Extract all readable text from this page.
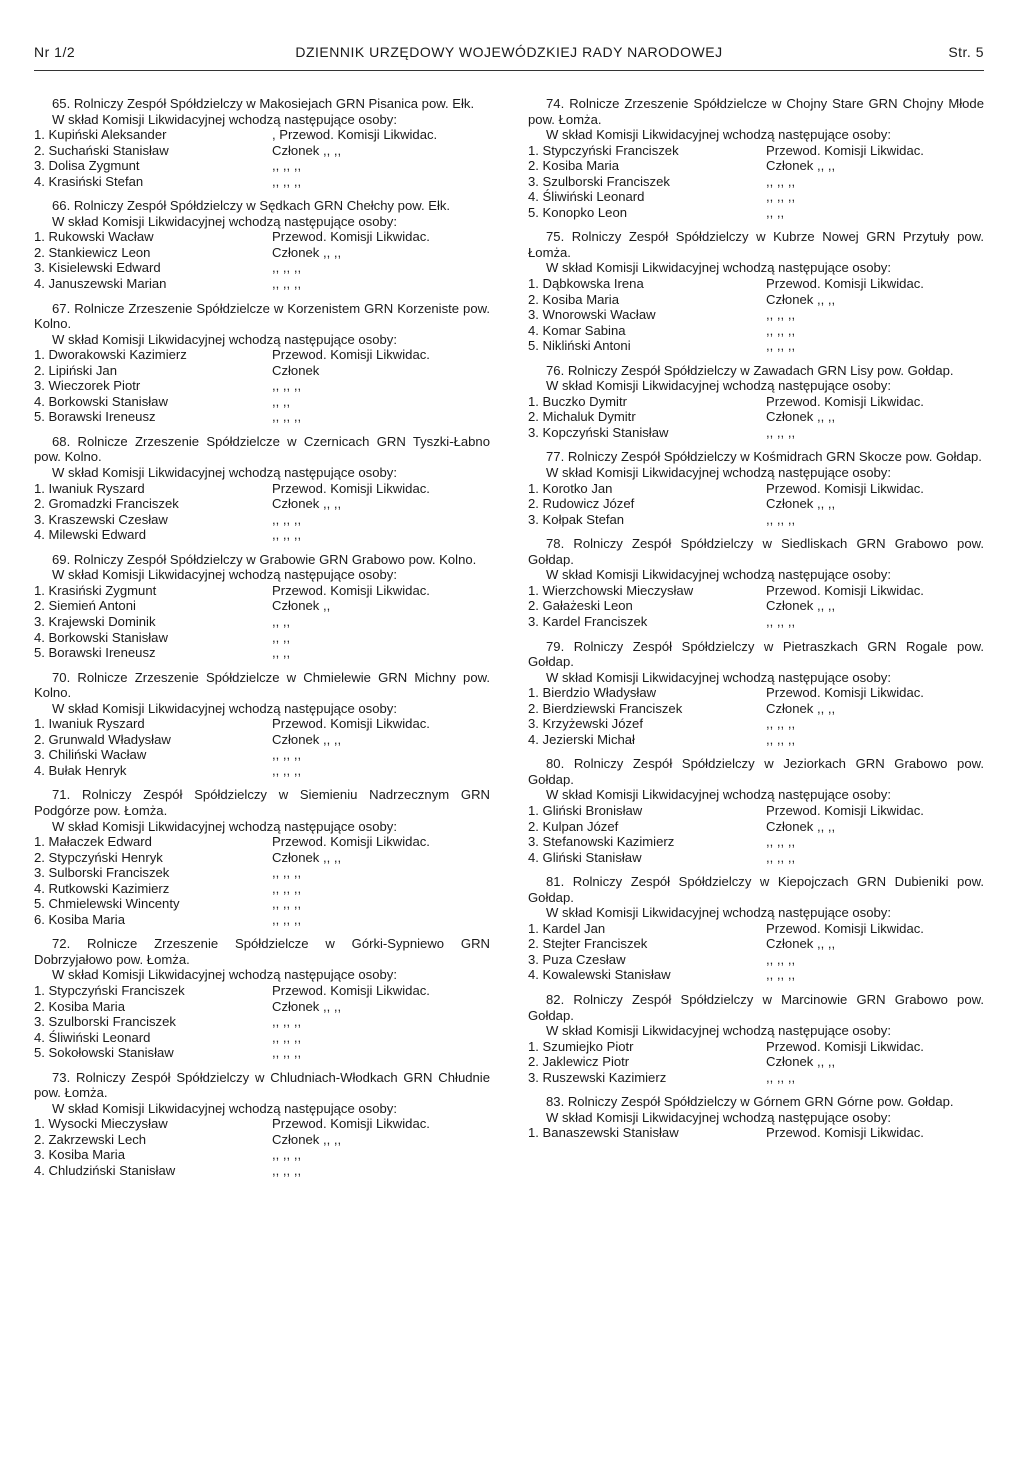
Nr 1/2	DZIENNIK URZĘDOWY WOJEWÓDZKIEJ RADY NARODOWEJ	Str. 5
65. Rolniczy Zespół Spółdzielczy w Makosiejach GRN Pisanica pow. Ełk.
W skład Komisji Likwidacyjnej wchodzą następujące osoby:
1. Kupiński Aleksander	, Przewod. Komisji Likwidac.
2. Suchański Stanisław	Członek ,, ,,
3. Dolisa Zygmunt	,, ,, ,,
4. Krasiński Stefan	,, ,, ,,
66. Rolniczy Zespół Spółdzielczy w Sędkach GRN Chełchy pow. Ełk.
W skład Komisji Likwidacyjnej wchodzą następujące osoby:
1. Rukowski Wacław	Przewod. Komisji Likwidac.
2. Stankiewicz Leon	Członek ,, ,,
3. Kisielewski Edward	,, ,, ,,
4. Januszewski Marian	,, ,, ,,
67. Rolnicze Zrzeszenie Spółdzielcze w Korzenistem GRN Korzeniste pow. Kolno.
W skład Komisji Likwidacyjnej wchodzą następujące osoby:
1. Dworakowski Kazimierz	Przewod. Komisji Likwidac.
2. Lipiński Jan	Członek
3. Wieczorek Piotr	,, ,, ,,
4. Borkowski Stanisław	,, ,,
5. Borawski Ireneusz	,, ,, ,,
68. Rolnicze Zrzeszenie Spółdzielcze w Czernicach GRN Tyszki-Łabno pow. Kolno.
W skład Komisji Likwidacyjnej wchodzą następujące osoby:
1. Iwaniuk Ryszard	Przewod. Komisji Likwidac.
2. Gromadzki Franciszek	Członek ,, ,,
3. Kraszewski Czesław	,, ,, ,,
4. Milewski Edward	,, ,, ,,
69. Rolniczy Zespół Spółdzielczy w Grabowie GRN Grabowo pow. Kolno.
W skład Komisji Likwidacyjnej wchodzą następujące osoby:
1. Krasiński Zygmunt	Przewod. Komisji Likwidac.
2. Siemień Antoni	Członek ,,
3. Krajewski Dominik	,, ,,
4. Borkowski Stanisław	,, ,,
5. Borawski Ireneusz	,, ,,
70. Rolnicze Zrzeszenie Spółdzielcze w Chmielewie GRN Michny pow. Kolno.
W skład Komisji Likwidacyjnej wchodzą następujące osoby:
1. Iwaniuk Ryszard	Przewod. Komisji Likwidac.
2. Grunwald Władysław	Członek ,, ,,
3. Chiliński Wacław	,, ,, ,,
4. Bułak Henryk	,, ,, ,,
71. Rolniczy Zespół Spółdzielczy w Siemieniu Nadrzecznym GRN Podgórze pow. Łomża.
W skład Komisji Likwidacyjnej wchodzą następujące osoby:
1. Małaczek Edward	Przewod. Komisji Likwidac.
2. Stypczyński Henryk	Członek ,, ,,
3. Sulborski Franciszek	,, ,, ,,
4. Rutkowski Kazimierz	,, ,, ,,
5. Chmielewski Wincenty	,, ,, ,,
6. Kosiba Maria	,, ,, ,,
72. Rolnicze Zrzeszenie Spółdzielcze w Górki-Sypniewo GRN Dobrzyjałowo pow. Łomża.
W skład Komisji Likwidacyjnej wchodzą następujące osoby:
1. Stypczyński Franciszek	Przewod. Komisji Likwidac.
2. Kosiba Maria	Członek ,, ,,
3. Szulborski Franciszek	,, ,, ,,
4. Śliwiński Leonard	,, ,, ,,
5. Sokołowski Stanisław	,, ,, ,,
73. Rolniczy Zespół Spółdzielczy w Chludniach-Włodkach GRN Chłudnie pow. Łomża.
W skład Komisji Likwidacyjnej wchodzą następujące osoby:
1. Wysocki Mieczysław	Przewod. Komisji Likwidac.
2. Zakrzewski Lech	Członek ,, ,,
3. Kosiba Maria	,, ,, ,,
4. Chludziński Stanisław	,, ,, ,,
74. Rolnicze Zrzeszenie Spółdzielcze w Chojny Stare GRN Chojny Młode pow. Łomża.
W skład Komisji Likwidacyjnej wchodzą następujące osoby:
1. Stypczyński Franciszek	Przewod. Komisji Likwidac.
2. Kosiba Maria	Członek ,, ,,
3. Szulborski Franciszek	,, ,, ,,
4. Śliwiński Leonard	,, ,, ,,
5. Konopko Leon	,, ,,
75. Rolniczy Zespół Spółdzielczy w Kubrze Nowej GRN Przytuły pow. Łomża.
W skład Komisji Likwidacyjnej wchodzą następujące osoby:
1. Dąbkowska Irena	Przewod. Komisji Likwidac.
2. Kosiba Maria	Członek ,, ,,
3. Wnorowski Wacław	,, ,, ,,
4. Komar Sabina	,, ,, ,,
5. Nikliński Antoni	,, ,, ,,
76. Rolniczy Zespół Spółdzielczy w Zawadach GRN Lisy pow. Gołdap.
W skład Komisji Likwidacyjnej wchodzą następujące osoby:
1. Buczko Dymitr	Przewod. Komisji Likwidac.
2. Michaluk Dymitr	Członek ,, ,,
3. Kopczyński Stanisław	,, ,, ,,
77. Rolniczy Zespół Spółdzielczy w Kośmidrach GRN Skocze pow. Gołdap.
W skład Komisji Likwidacyjnej wchodzą następujące osoby:
1. Korotko Jan	Przewod. Komisji Likwidac.
2. Rudowicz Józef	Członek ,, ,,
3. Kołpak Stefan	,, ,, ,,
78. Rolniczy Zespół Spółdzielczy w Siedliskach GRN Grabowo pow. Gołdap.
W skład Komisji Likwidacyjnej wchodzą następujące osoby:
1. Wierzchowski Mieczysław	Przewod. Komisji Likwidac.
2. Gałażeski Leon	Członek ,, ,,
3. Kardel Franciszek	,, ,, ,,
79. Rolniczy Zespół Spółdzielczy w Pietraszkach GRN Rogale pow. Gołdap.
W skład Komisji Likwidacyjnej wchodzą następujące osoby:
1. Bierdzio Władysław	Przewod. Komisji Likwidac.
2. Bierdziewski Franciszek	Członek ,, ,,
3. Krzyżewski Józef	,, ,, ,,
4. Jezierski Michał	,, ,, ,,
80. Rolniczy Zespół Spółdzielczy w Jeziorkach GRN Grabowo pow. Gołdap.
W skład Komisji Likwidacyjnej wchodzą następujące osoby:
1. Gliński Bronisław	Przewod. Komisji Likwidac.
2. Kulpan Józef	Członek ,, ,,
3. Stefanowski Kazimierz	,, ,, ,,
4. Gliński Stanisław	,, ,, ,,
81. Rolniczy Zespół Spółdzielczy w Kiepojczach GRN Dubieniki pow. Gołdap.
W skład Komisji Likwidacyjnej wchodzą następujące osoby:
1. Kardel Jan	Przewod. Komisji Likwidac.
2. Stejter Franciszek	Członek ,, ,,
3. Puza Czesław	,, ,, ,,
4. Kowalewski Stanisław	,, ,, ,,
82. Rolniczy Zespół Spółdzielczy w Marcinowie GRN Grabowo pow. Gołdap.
W skład Komisji Likwidacyjnej wchodzą następujące osoby:
1. Szumiejko Piotr	Przewod. Komisji Likwidac.
2. Jaklewicz Piotr	Członek ,, ,,
3. Ruszewski Kazimierz	,, ,, ,,
83. Rolniczy Zespół Spółdzielczy w Górnem GRN Górne pow. Gołdap.
W skład Komisji Likwidacyjnej wchodzą następujące osoby:
1. Banaszewski Stanisław	Przewod. Komisji Likwidac.
